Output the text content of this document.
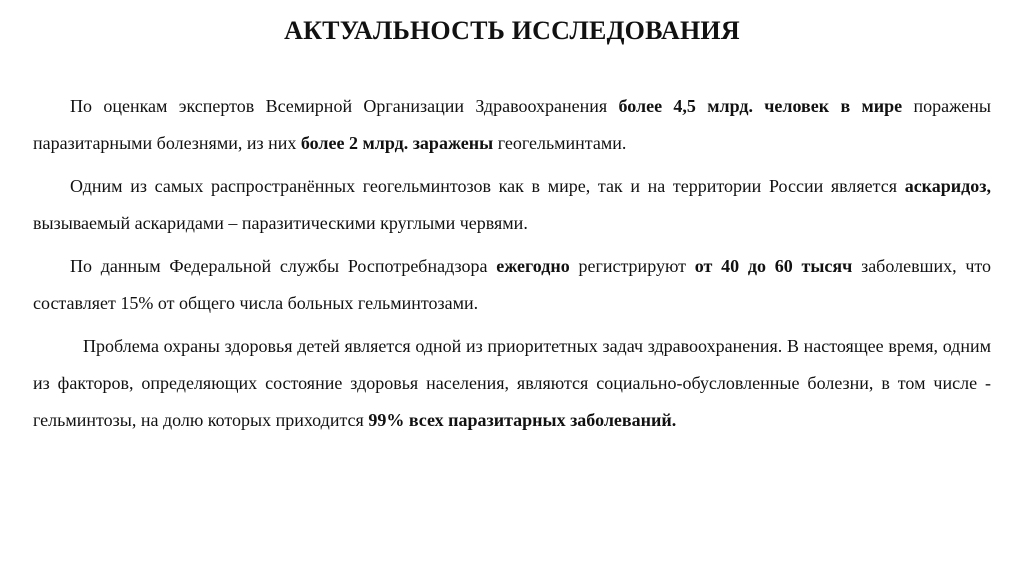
АКТУАЛЬНОСТЬ ИССЛЕДОВАНИЯ

По оценкам экспертов Всемирной Организации Здравоохранения более 4,5 млрд. человек в мире поражены паразитарными болезнями, из них более 2 млрд. заражены геогельминтами.

Одним из самых распространённых геогельминтозов как в мире, так и на территории России является аскаридоз, вызываемый аскаридами – паразитическими круглыми червями.

По данным Федеральной службы Роспотребнадзора ежегодно регистрируют от 40 до 60 тысяч заболевших, что составляет 15% от общего числа больных гельминтозами.

Проблема охраны здоровья детей является одной из приоритетных задач здравоохранения. В настоящее время, одним из факторов, определяющих состояние здоровья населения, являются социально-обусловленные болезни, в том числе - гельминтозы, на долю которых приходится 99% всех паразитарных заболеваний.
